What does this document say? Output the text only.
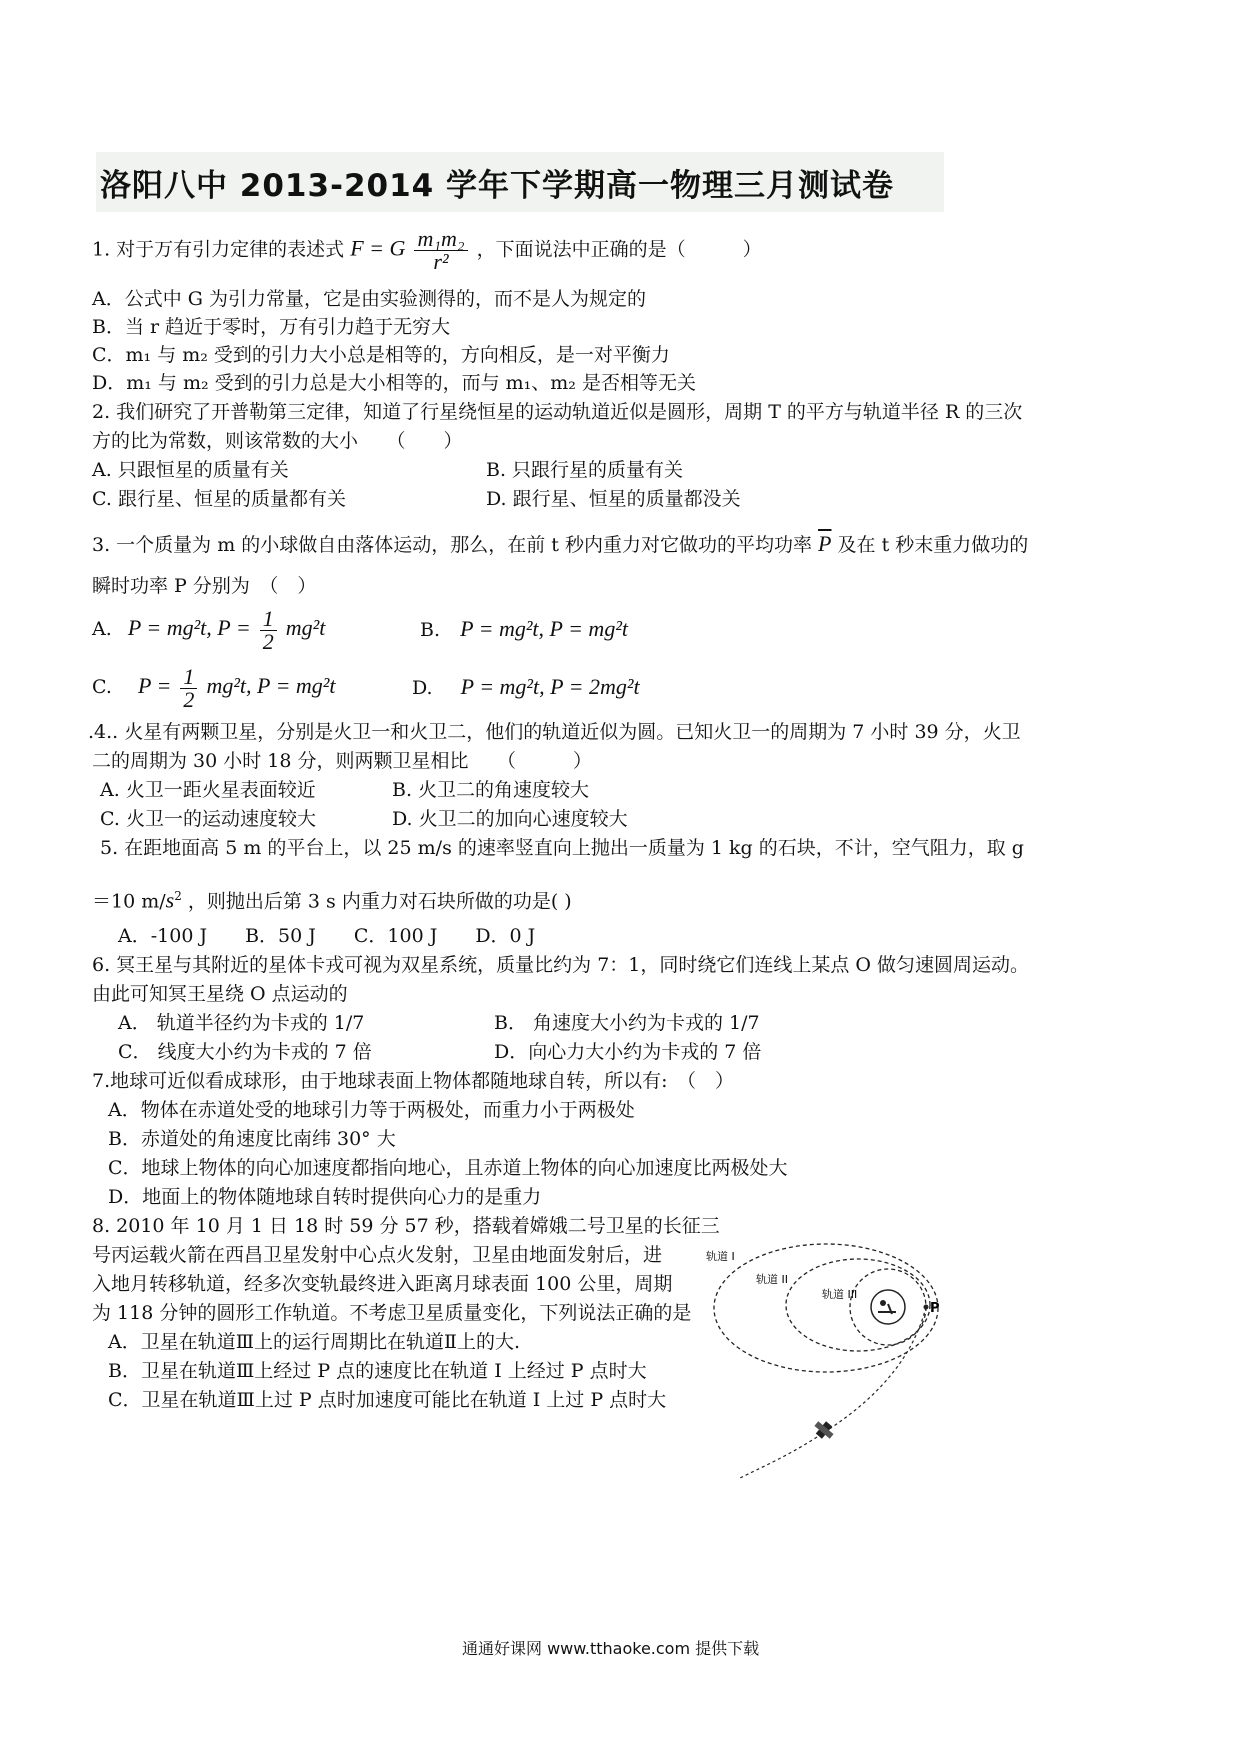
洛阳八中 2013-2014 学年下学期高一物理三月测试卷
1. 对于万有引力定律的表述式 F = G $\frac{\text{m₁m₂}}{\text{r²}}$ ，下面说法中正确的是（　　　）
A．公式中 G 为引力常量，它是由实验测得的，而不是人为规定的
B．当 r 趋近于零时，万有引力趋于无穷大
C．m₁ 与 m₂ 受到的引力大小总是相等的，方向相反，是一对平衡力
D．m₁ 与 m₂ 受到的引力总是大小相等的，而与 m₁、m₂ 是否相等无关
2. 我们研究了开普勒第三定律，知道了行星绕恒星的运动轨道近似是圆形，周期 T 的平方与轨道半径 R 的三次
方的比为常数，则该常数的大小　　（　　）
A. 只跟恒星的质量有关	B. 只跟行星的质量有关
C. 跟行星、恒星的质量都有关	D. 跟行星、恒星的质量都没关
3. 一个质量为 m 的小球做自由落体运动，那么，在前 t 秒内重力对它做功的平均功率 $\overline{P}$ 及在 t 秒末重力做功的
瞬时功率 P 分别为　（　）
A. P = mg²t, $P = \frac{1}{2} mg^2t$	B. P = mg²t, P = mg²t
C. $P = \frac{1}{2} mg^2t$, P = mg²t	D. P = mg²t, P = 2mg²t
.4.. 火星有两颗卫星，分别是火卫一和火卫二，他们的轨道近似为圆。已知火卫一的周期为 7 小时 39 分，火卫
二的周期为 30 小时 18 分，则两颗卫星相比　　（　　　）
A. 火卫一距火星表面较近	B. 火卫二的角速度较大
C. 火卫一的运动速度较大	D. 火卫二的加向心速度较大
5. 在距地面高 5 m 的平台上，以 25 m/s 的速率竖直向上抛出一质量为 1 kg 的石块，不计，空气阻力，取 g
＝10 $m/s^2$ ，则抛出后第 3 s 内重力对石块所做的功是( )
A．-100 J　　B．50 J　　C．100 J　　D．0 J
6. 冥王星与其附近的星体卡戎可视为双星系统，质量比约为 7：1，同时绕它们连线上某点 O 做匀速圆周运动。
由此可知冥王星绕 O 点运动的
A． 轨道半径约为卡戎的 1/7	B． 角速度大小约为卡戎的 1/7
C． 线度大小约为卡戎的 7 倍	D．向心力大小约为卡戎的 7 倍
7.地球可近似看成球形，由于地球表面上物体都随地球自转，所以有:　（　）
A．物体在赤道处受的地球引力等于两极处，而重力小于两极处
B．赤道处的角速度比南纬 30° 大
C．地球上物体的向心加速度都指向地心，且赤道上物体的向心加速度比两极处大
D．地面上的物体随地球自转时提供向心力的是重力
8. 2010 年 10 月 1 日 18 时 59 分 57 秒，搭载着嫦娥二号卫星的长征三
号丙运载火箭在西昌卫星发射中心点火发射，卫星由地面发射后，进
入地月转移轨道，经多次变轨最终进入距离月球表面 100 公里，周期
为 118 分钟的圆形工作轨道。不考虑卫星质量变化，下列说法正确的是
A．卫星在轨道Ⅲ上的运行周期比在轨道Ⅱ上的大.
B．卫星在轨道Ⅲ上经过 P 点的速度比在轨道 I 上经过 P 点时大
C．卫星在轨道Ⅲ上过 P 点时加速度可能比在轨道 I 上过 P 点时大
P
轨道 I
轨道 II
轨道 III
通通好课网 www.tthaoke.com 提供下载
